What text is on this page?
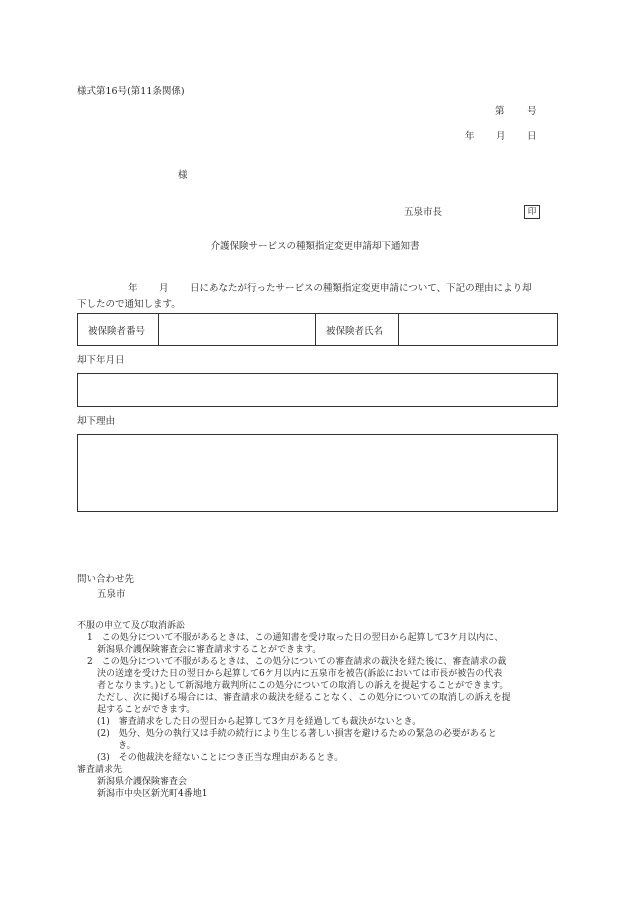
様式第16号(第11条関係)
第 号
年 月 日
様
五泉市長	印
介護保険サービスの種類指定変更申請却下通知書
年 月 日にあなたが行ったサービスの種類指定変更申請について、下記の理由により却
下したので通知します。
被保険者番号	被保険者氏名
却下年月日
却下理由
問い合わせ先
五泉市
不服の申立て及び取消訴訟
1　この処分について不服があるときは、この通知書を受け取った日の翌日から起算して3ケ月以内に、
新潟県介護保険審査会に審査請求することができます。
2　この処分について不服があるときは、この処分についての審査請求の裁決を経た後に、審査請求の裁
決の送達を受けた日の翌日から起算して6ケ月以内に五泉市を被告(訴訟においては市長が被告の代表
者となります。)として新潟地方裁判所にこの処分についての取消しの訴えを提起することができます。
ただし、次に掲げる場合には、審査請求の裁決を経ることなく、この処分についての取消しの訴えを提
起することができます。
(1)　審査請求をした日の翌日から起算して3ケ月を経過しても裁決がないとき。
(2)　処分、処分の執行又は手続の続行により生じる著しい損害を避けるための緊急の必要があると
き。
(3)　その他裁決を経ないことにつき正当な理由があるとき。
審査請求先
新潟県介護保険審査会
新潟市中央区新光町4番地1
